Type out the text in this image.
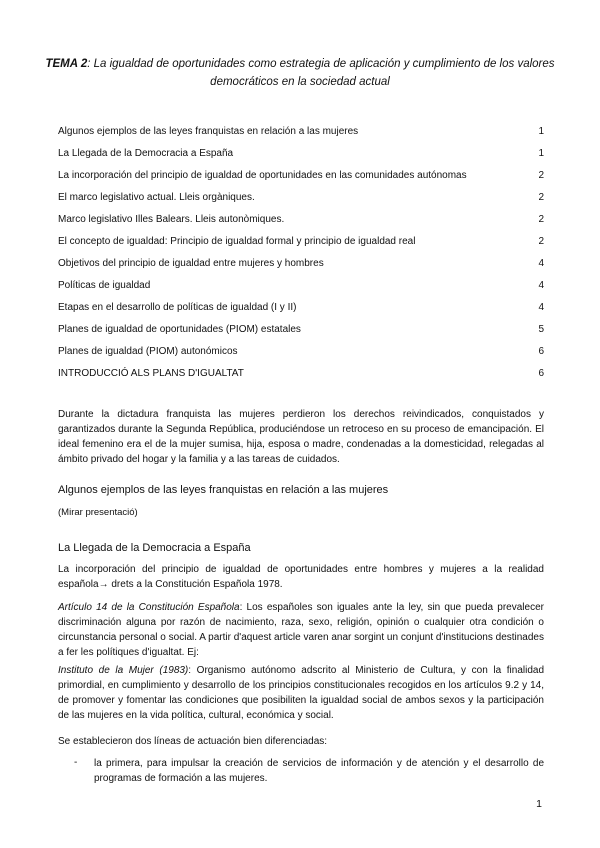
TEMA 2: La igualdad de oportunidades como estrategia de aplicación y cumplimiento de los valores democráticos en la sociedad actual
Algunos ejemplos de las leyes franquistas en relación a las mujeres	1
La Llegada de la Democracia a España	1
La incorporación del principio de igualdad de oportunidades en las comunidades autónomas	2
El marco legislativo actual. Lleis orgàniques.	2
Marco legislativo Illes Balears. Lleis autonòmiques.	2
El concepto de igualdad: Principio de igualdad formal y principio de igualdad real	2
Objetivos del principio de igualdad entre mujeres y hombres	4
Políticas de igualdad	4
Etapas en el desarrollo de políticas de igualdad (I y II)	4
Planes de igualdad de oportunidades (PIOM) estatales	5
Planes de igualdad (PIOM) autonómicos	6
INTRODUCCIÓ ALS PLANS D'IGUALTAT	6
Durante la dictadura franquista las mujeres perdieron los derechos reivindicados, conquistados y garantizados durante la Segunda República, produciéndose un retroceso en su proceso de emancipación. El ideal femenino era el de la mujer sumisa, hija, esposa o madre, condenadas a la domesticidad, relegadas al ámbito privado del hogar y la familia y a las tareas de cuidados.
Algunos ejemplos de las leyes franquistas en relación a las mujeres
(Mirar presentació)
La Llegada de la Democracia a España
La incorporación del principio de igualdad de oportunidades entre hombres y mujeres a la realidad española→ drets a la Constitución Española 1978.
Artículo 14 de la Constitución Española: Los españoles son iguales ante la ley, sin que pueda prevalecer discriminación alguna por razón de nacimiento, raza, sexo, religión, opinión o cualquier otra condición o circunstancia personal o social. A partir d'aquest article varen anar sorgint un conjunt d'institucions destinades a fer les polítiques d'igualtat. Ej:
Instituto de la Mujer (1983): Organismo autónomo adscrito al Ministerio de Cultura, y con la finalidad primordial, en cumplimiento y desarrollo de los principios constitucionales recogidos en los artículos 9.2 y 14, de promover y fomentar las condiciones que posibiliten la igualdad social de ambos sexos y la participación de las mujeres en la vida política, cultural, económica y social.
Se establecieron dos líneas de actuación bien diferenciadas:
- la primera, para impulsar la creación de servicios de información y de atención y el desarrollo de programas de formación a las mujeres.
1
